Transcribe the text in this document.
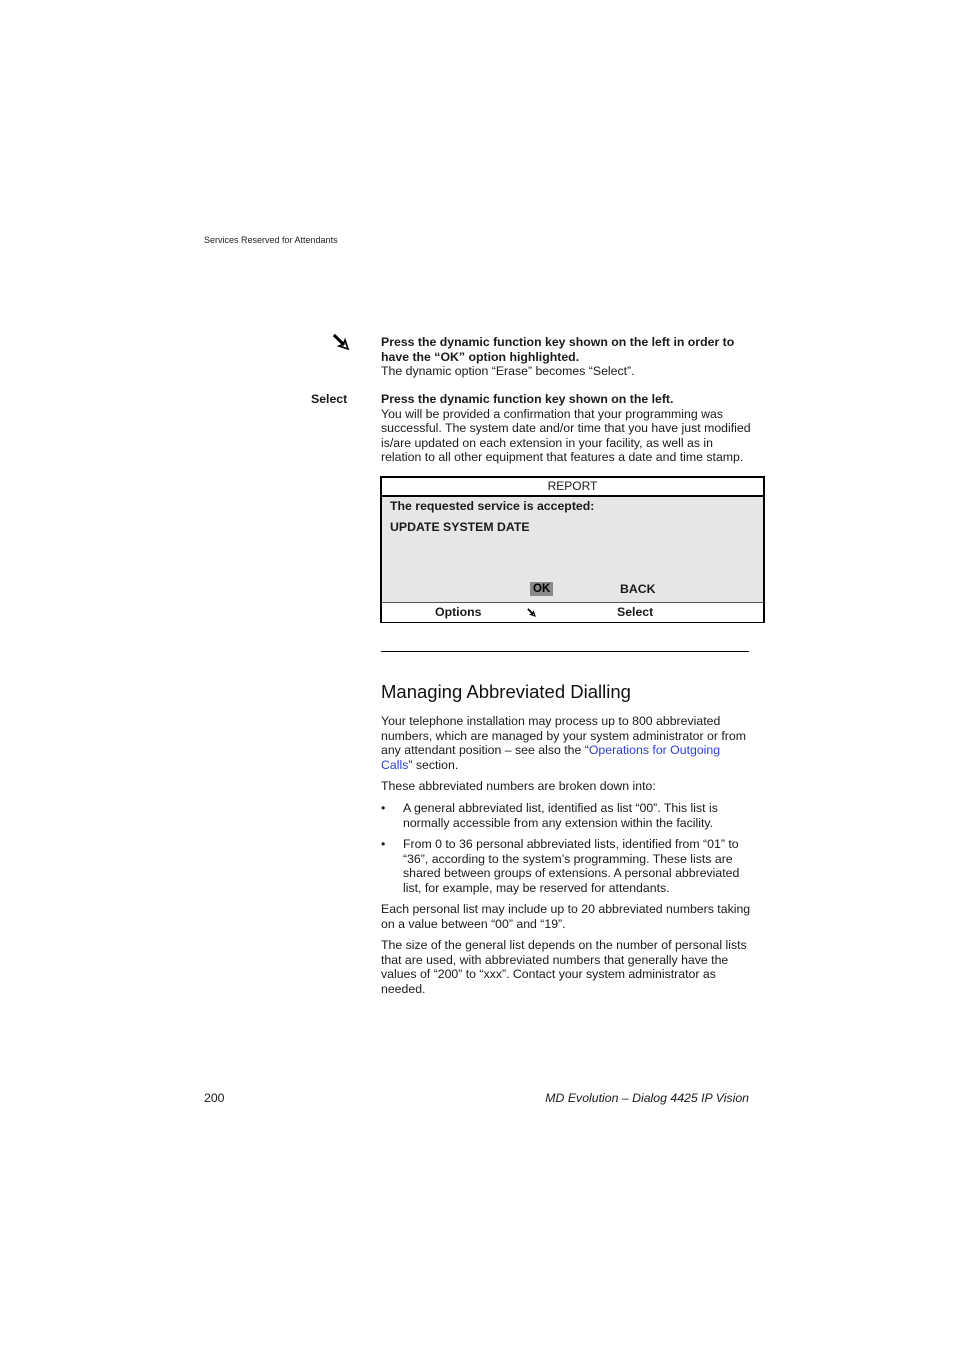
Services Reserved for Attendants
Press the dynamic function key shown on the left in order to have the “OK” option highlighted.
The dynamic option “Erase” becomes “Select”.
Select	Press the dynamic function key shown on the left.
You will be provided a confirmation that your programming was successful. The system date and/or time that you have just modified is/are updated on each extension in your facility, as well as in relation to all other equipment that features a date and time stamp.
REPORT
The requested service is accepted:
UPDATE SYSTEM DATE
OK	BACK
Options	Select
Managing Abbreviated Dialling
Your telephone installation may process up to 800 abbreviated numbers, which are managed by your system administrator or from any attendant position – see also the “Operations for Outgoing Calls” section.
These abbreviated numbers are broken down into:
• A general abbreviated list, identified as list “00”. This list is normally accessible from any extension within the facility.
• From 0 to 36 personal abbreviated lists, identified from “01” to “36”, according to the system’s programming. These lists are shared between groups of extensions. A personal abbreviated list, for example, may be reserved for attendants.
Each personal list may include up to 20 abbreviated numbers taking on a value between “00” and “19”.
The size of the general list depends on the number of personal lists that are used, with abbreviated numbers that generally have the values of “200” to “xxx”. Contact your system administrator as needed.
200	MD Evolution – Dialog 4425 IP Vision
